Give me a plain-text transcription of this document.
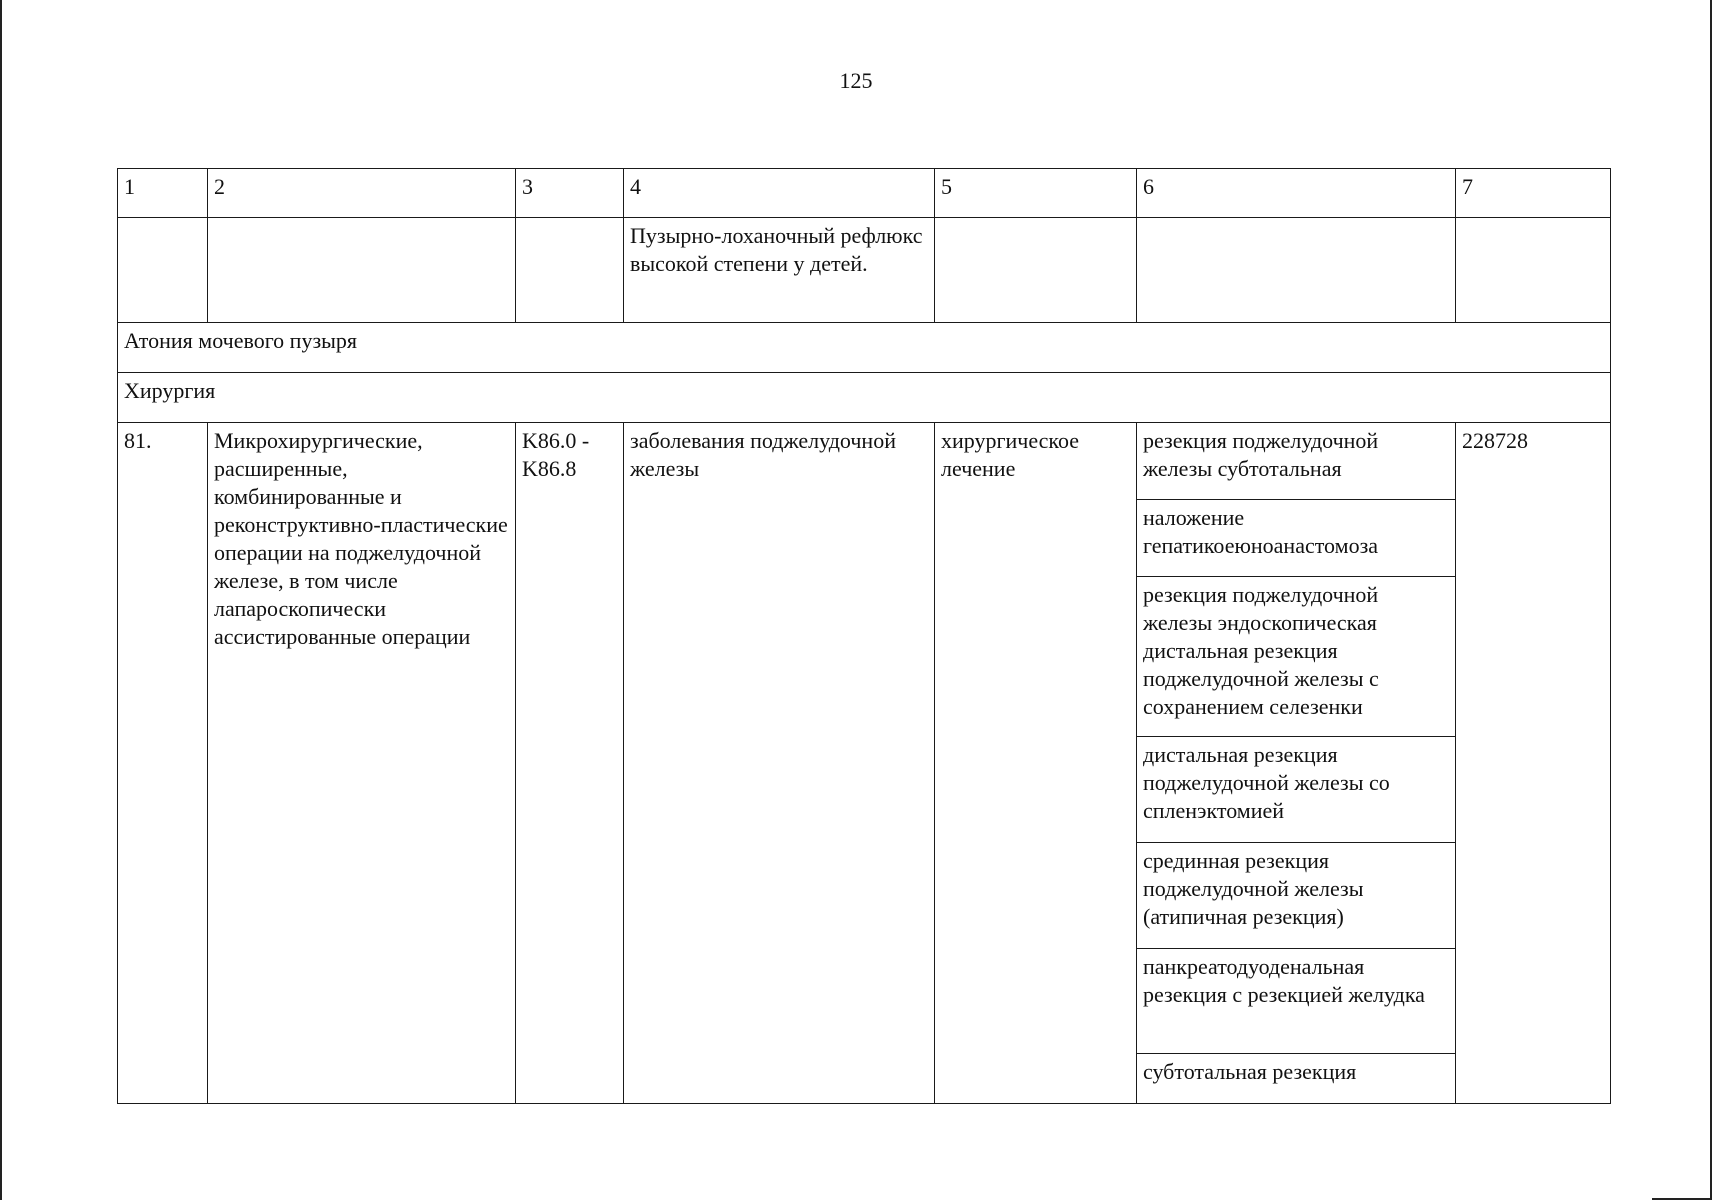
125
1	2	3	4	5	6	7
			Пузырно-лоханочный рефлюкс высокой степени у детей.			
Атония мочевого пузыря						
Хирургия						
81.	Микрохирургические, расширенные, комбинированные и реконструктивно-пластические операции на поджелудочной железе, в том числе лапароскопически ассистированные операции	K86.0 - K86.8	заболевания поджелудочной железы	хирургическое лечение	резекция поджелудочной железы субтотальная	228728
					наложение гепатикоеюноанастомоза	
					резекция поджелудочной железы эндоскопическая дистальная резекция поджелудочной железы с сохранением селезенки	
					дистальная резекция поджелудочной железы со спленэктомией	
					срединная резекция поджелудочной железы (атипичная резекция)	
					панкреатодуоденальная резекция с резекцией желудка	
					субтотальная резекция	
